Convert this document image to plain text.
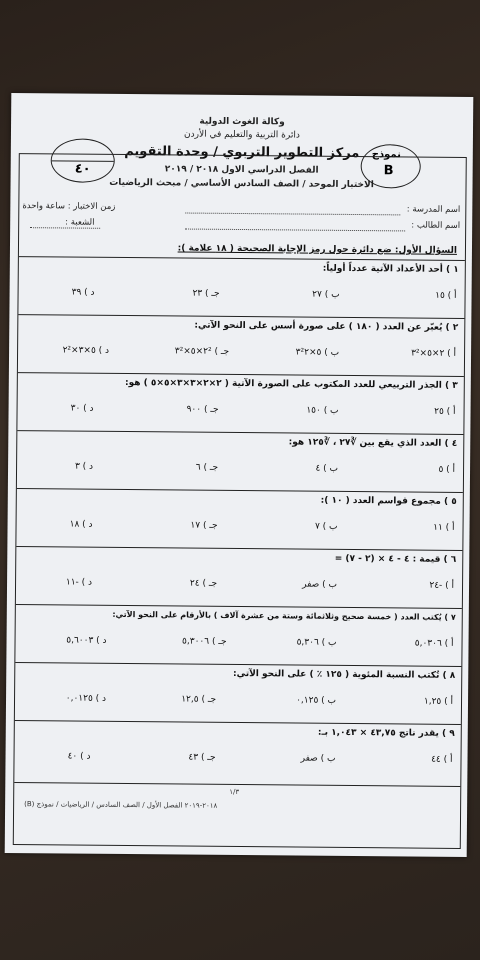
وكالة الغوث الدولية
دائرة التربية والتعليم في الأردن
مركز التطوير التربوي / وحدة التقويم
الفصل الدراسي الاول ٢٠١٨ / ٢٠١٩
الاختبار الموحد / الصف السادس الأساسي / مبحث الرياضيات
٤٠
نموذج
B
اسم المدرسة :
زمن الاختبار : ساعة واحدة
اسم الطالب :
الشعبة :
السؤال الأول: ضع دائرة حول رمز الإجابة الصحيحة ( ١٨ علامة ):
١ ) أحد الأعداد الآتية عدداً أولياً:
أ ) ١٥
ب ) ٢٧
جـ ) ٢٣
د ) ٣٩
٢ ) يُعبّر عن العدد ( ١٨٠ ) على صورة أسس على النحو الآتي:
أ ) ٢×٥×٣²
ب ) ٥×٣²٢
جـ ) ٢²×٥×٣²
د ) ٥×٣×٢²
٣ ) الجذر التربيعي للعدد المكتوب على الصورة الآتية ( ٢×٢×٣×٣×٥×٥ ) هو:
أ ) ٢٥
ب ) ١٥٠
جـ ) ٩٠٠
د ) ٣٠
٤ ) العدد الذي يقع بين ∛٢٧ ، ∛١٢٥ هو:
أ ) ٥
ب ) ٤
جـ ) ٦
د ) ٣
٥ ) مجموع قواسم العدد ( ١٠ ):
أ ) ١١
ب ) ٧
جـ ) ١٧
د ) ١٨
٦ ) قيمة : ٤ - ٤ × (٢ - ٧) =
أ ) -٢٤
ب ) صفر
جـ ) ٢٤
د ) -١١
٧ ) يُكتب العدد ( خمسة صحيح وثلاثمائة وستة من عشرة آلاف ) بالأرقام على النحو الآتي:
أ ) ٥,٠٣٠٦
ب ) ٥,٣٠٦
جـ ) ٥,٣٠٠٦
د ) ٥,٦٠٠٣
٨ ) تُكتب النسبة المئوية ( ١٢٥ ٪ ) على النحو الآتي:
أ ) ١,٢٥
ب ) ٠,١٢٥
جـ ) ١٢,٥
د ) ٠,٠١٢٥
٩ ) يقدر ناتج ٤٣,٧٥ × ١,٠٤٣ بـ:
أ ) ٤٤
ب ) صفر
جـ ) ٤٣
د ) ٤٠
١/٣
٢٠١٨-٢٠١٩ الفصل الأول / الصف السادس / الرياضيات / نموذج (B)
